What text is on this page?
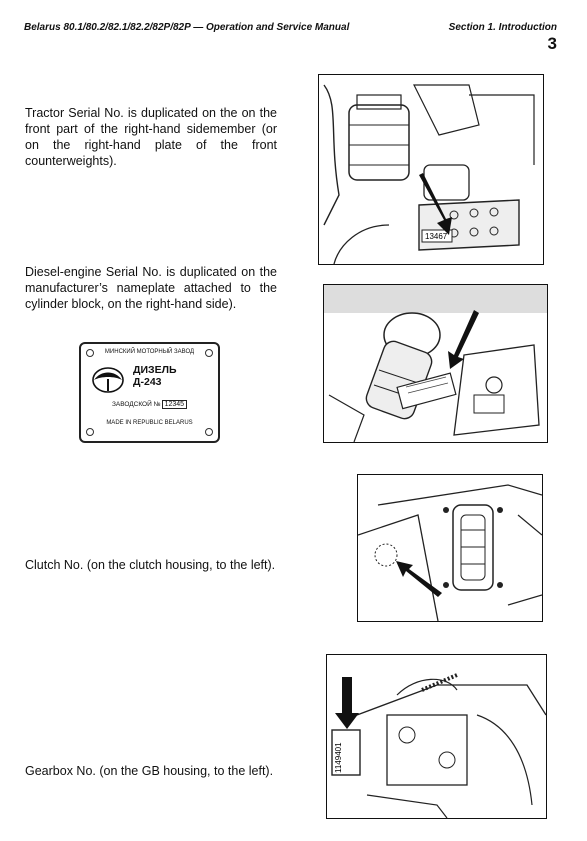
Belarus 80.1/80.2/82.1/82.2/82P/82P — Operation and Service Manual	Section 1. Introduction
3
Tractor Serial No. is duplicated on the on the front part of the right-hand sidemember (or on the right-hand plate of the front counterweights).
Diesel-engine Serial No. is duplicated on the manufacturer’s nameplate attached to the cylinder block, on the right-hand side).
Clutch No. (on the clutch housing, to the left).
Gearbox No. (on the GB housing, to the left).
13467
МИНСКИЙ МОТОРНЫЙ ЗАВОД
ДИЗЕЛЬ
Д-243
ЗАВОДСКОЙ № 12345
MADE IN REPUBLIC BELARUS
1149401
